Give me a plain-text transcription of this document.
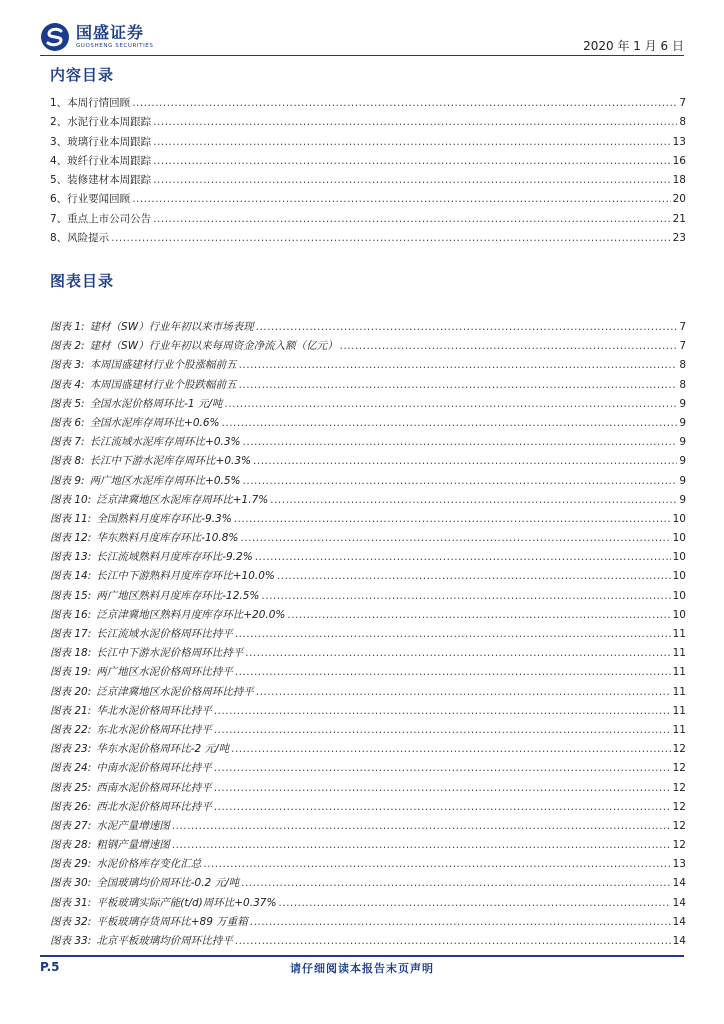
国盛证券
GUOSHENG SECURITIES	2020 年 1 月 6 日
内容目录
1、本周行情回顾 .....	7
2、水泥行业本周跟踪 .....	8
3、玻璃行业本周跟踪 .....	13
4、玻纤行业本周跟踪 .....	16
5、装修建材本周跟踪 .....	18
6、行业要闻回顾 .....	20
7、重点上市公司公告 .....	21
8、风险提示 .....	23
图表目录
图表 1: 建材（SW）行业年初以来市场表现 .....	7
图表 2: 建材（SW）行业年初以来每周资金净流入额（亿元） .....	7
图表 3: 本周国盛建材行业个股涨幅前五 .....	8
图表 4: 本周国盛建材行业个股跌幅前五 .....	8
图表 5: 全国水泥价格周环比-1 元/吨 .....	9
图表 6: 全国水泥库存周环比+0.6% .....	9
图表 7: 长江流域水泥库存周环比+0.3% .....	9
图表 8: 长江中下游水泥库存周环比+0.3% .....	9
图表 9: 两广地区水泥库存周环比+0.5% .....	9
图表 10: 泛京津冀地区水泥库存周环比+1.7% .....	9
图表 11: 全国熟料月度库存环比-9.3% .....	10
图表 12: 华东熟料月度库存环比-10.8% .....	10
图表 13: 长江流域熟料月度库存环比-9.2% .....	10
图表 14: 长江中下游熟料月度库存环比+10.0% .....	10
图表 15: 两广地区熟料月度库存环比-12.5% .....	10
图表 16: 泛京津冀地区熟料月度库存环比+20.0% .....	10
图表 17: 长江流域水泥价格周环比持平 .....	11
图表 18: 长江中下游水泥价格周环比持平 .....	11
图表 19: 两广地区水泥价格周环比持平 .....	11
图表 20: 泛京津冀地区水泥价格周环比持平 .....	11
图表 21: 华北水泥价格周环比持平 .....	11
图表 22: 东北水泥价格周环比持平 .....	11
图表 23: 华东水泥价格周环比-2 元/吨 .....	12
图表 24: 中南水泥价格周环比持平 .....	12
图表 25: 西南水泥价格周环比持平 .....	12
图表 26: 西北水泥价格周环比持平 .....	12
图表 27: 水泥产量增速图 .....	12
图表 28: 粗钢产量增速图 .....	12
图表 29: 水泥价格库存变化汇总 .....	13
图表 30: 全国玻璃均价周环比-0.2 元/吨 .....	14
图表 31: 平板玻璃实际产能(t/d)周环比+0.37% .....	14
图表 32: 平板玻璃存货周环比+89 万重箱 .....	14
图表 33: 北京平板玻璃均价周环比持平 .....	14
P.5	请仔细阅读本报告末页声明
